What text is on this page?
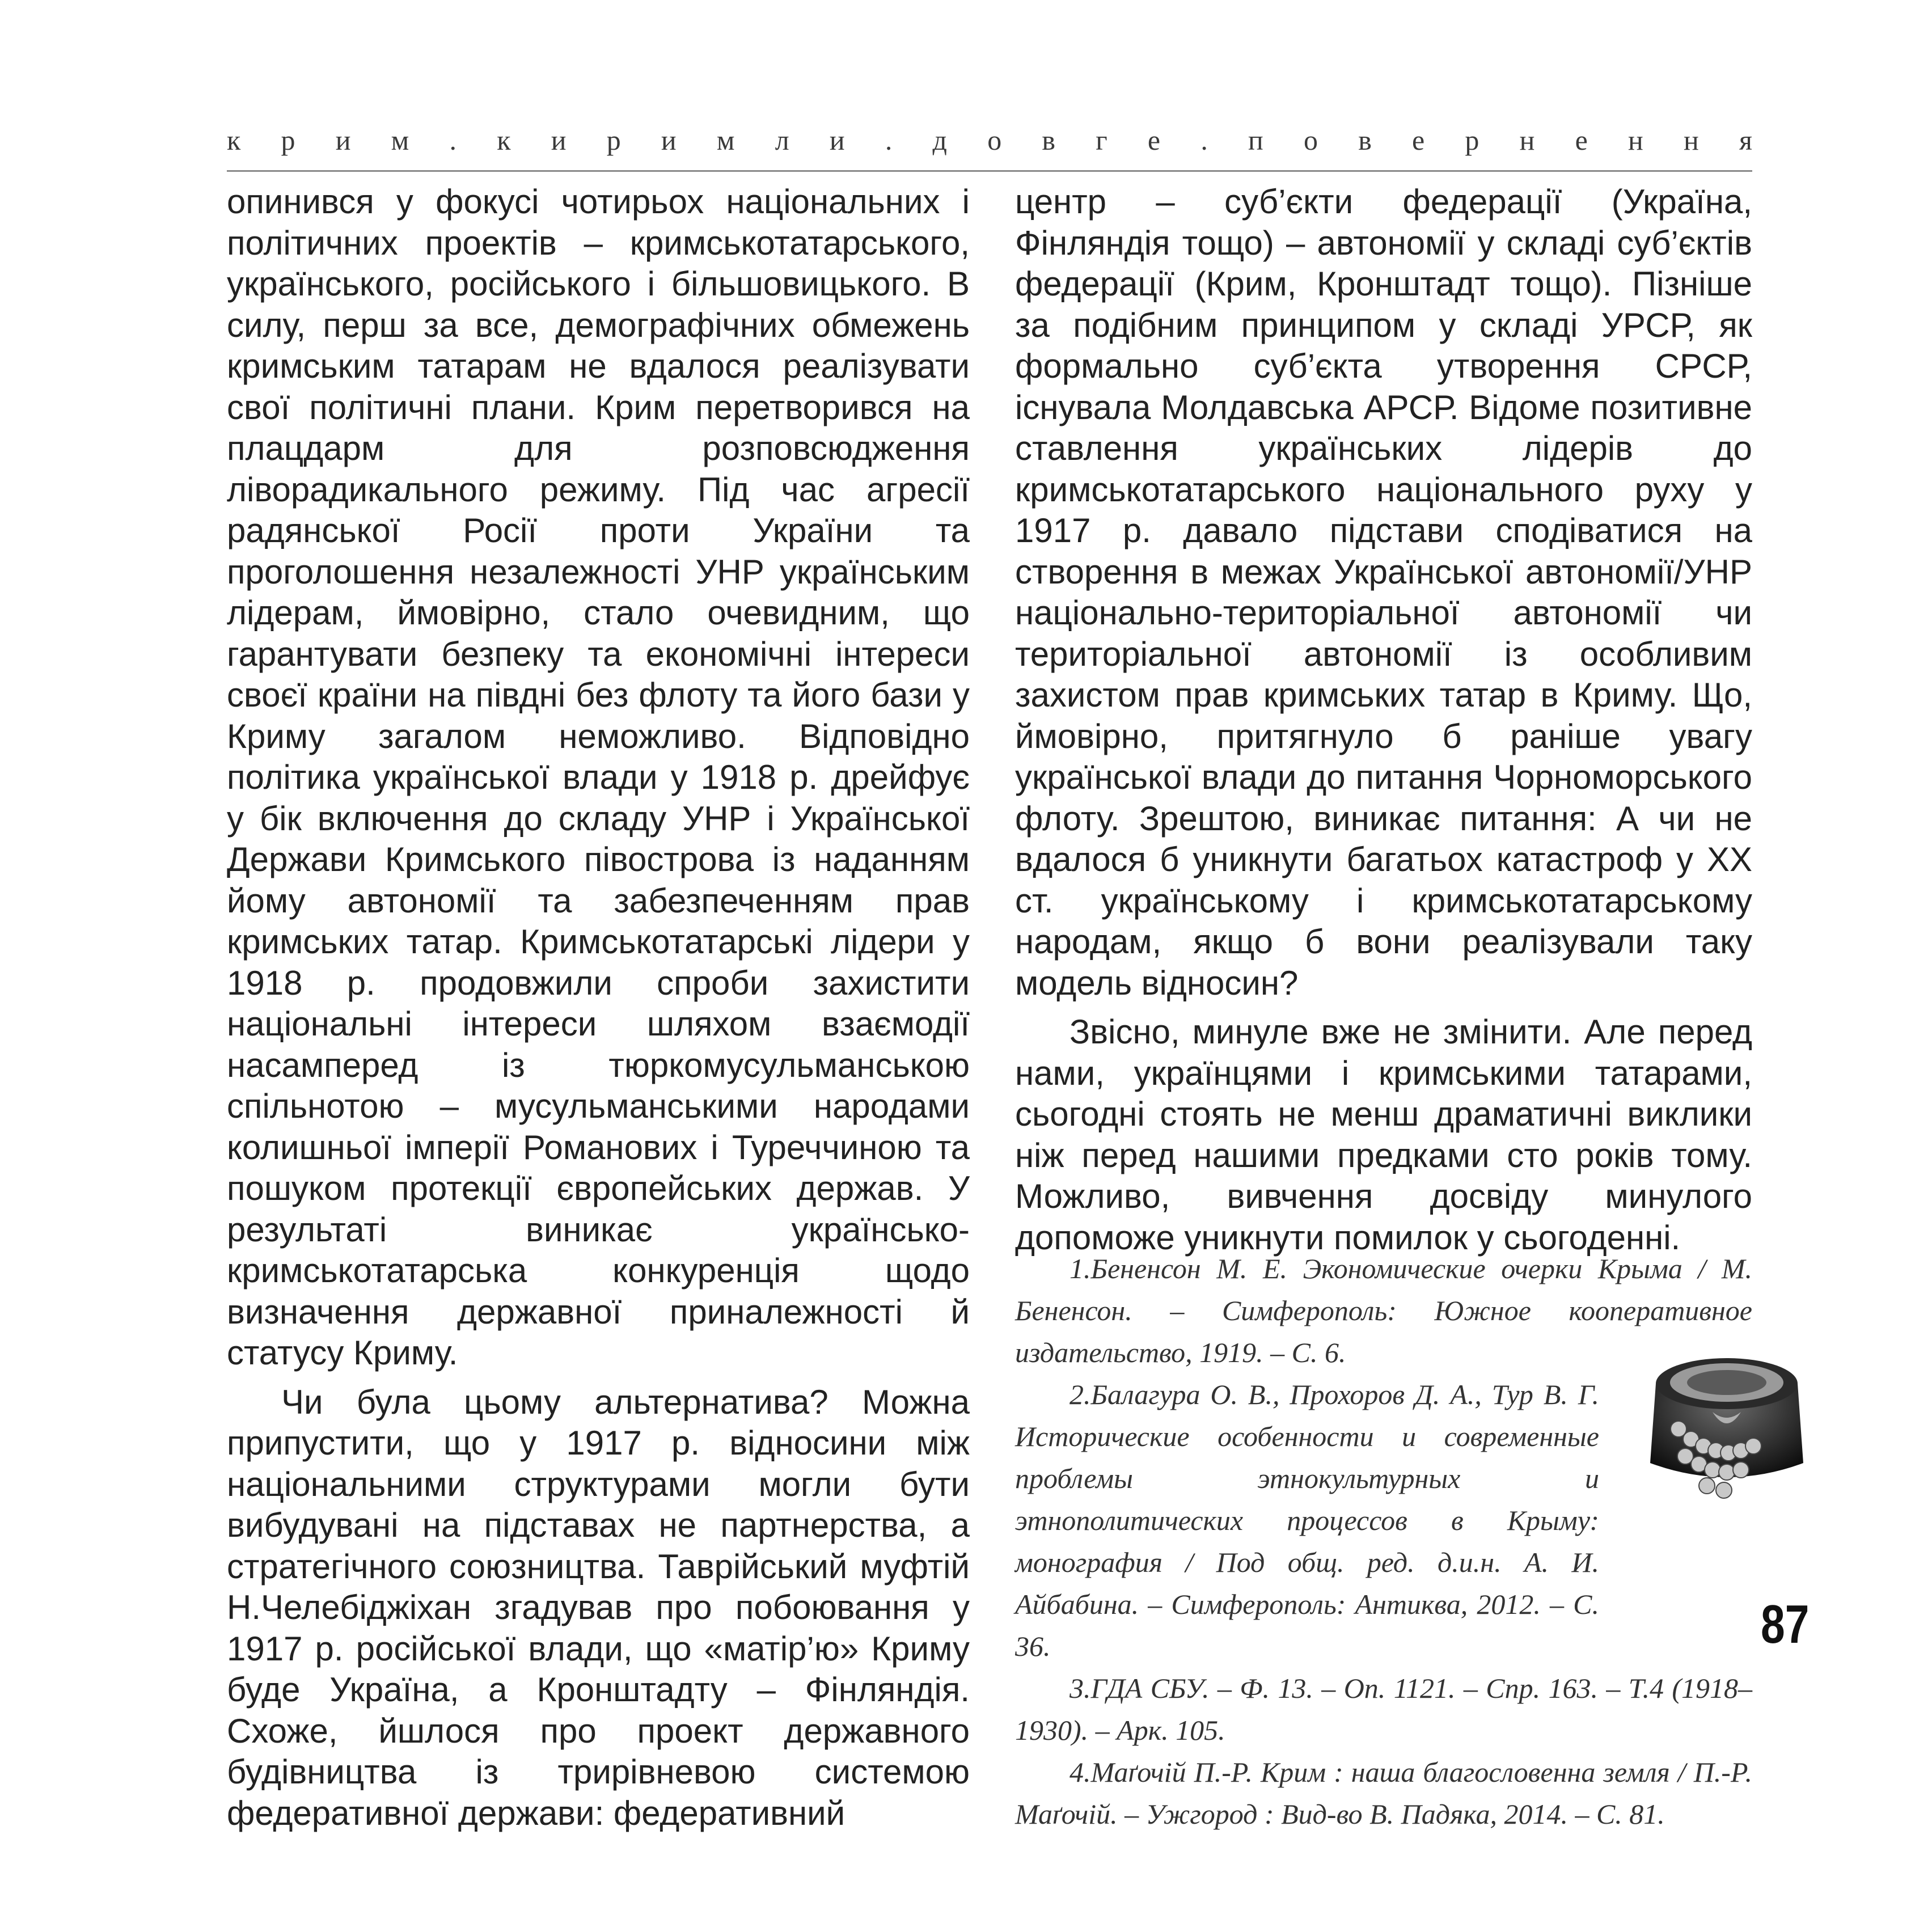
к р и м . к и р и м л и . д о в г е . п о в е р н е н н я

опинився у фокусі чотирьох національних і політичних проектів – кримськотатарського, українського, російського і більшовицького. В силу, перш за все, демографічних обмежень кримським татарам не вдалося реалізувати свої політичні плани. Крим перетворився на плацдарм для розповсюдження ліворадикального режиму. Під час агресії радянської Росії проти України та проголошення незалежності УНР українським лідерам, ймовірно, стало очевидним, що гарантувати безпеку та економічні інтереси своєї країни на півдні без флоту та його бази у Криму загалом неможливо. Відповідно політика української влади у 1918 р. дрейфує у бік включення до складу УНР і Української Держави Кримського півострова із наданням йому автономії та забезпеченням прав кримських татар. Кримськотатарські лідери у 1918 р. продовжили спроби захистити національні інтереси шляхом взаємодії насамперед із тюркомусульманською спільнотою – мусульманськими народами колишньої імперії Романових і Туреччиною та пошуком протекції європейських держав. У результаті виникає українсько-кримськотатарська конкуренція щодо визначення державної приналежності й статусу Криму.

Чи була цьому альтернатива? Можна припустити, що у 1917 р. відносини між національними структурами могли бути вибудувані на підставах не партнерства, а стратегічного союзництва. Таврійський муфтій Н.Челебіджіхан згадував про побоювання у 1917 р. російської влади, що «матір’ю» Криму буде Україна, а Кронштадту – Фінляндія. Схоже, йшлося про проект державного будівництва із трирівневою системою федеративної держави: федеративний

центр – суб’єкти федерації (Україна, Фінляндія тощо) – автономії у складі суб’єктів федерації (Крим, Кронштадт тощо). Пізніше за подібним принципом у складі УРСР, як формально суб’єкта утворення СРСР, існувала Молдавська АРСР. Відоме позитивне ставлення українських лідерів до кримськотатарського національного руху у 1917 р. давало підстави сподіватися на створення в межах Української автономії/УНР національно-територіальної автономії чи територіальної автономії із особливим захистом прав кримських татар в Криму. Що, ймовірно, притягнуло б раніше увагу української влади до питання Чорноморського флоту. Зрештою, виникає питання: А чи не вдалося б уникнути багатьох катастроф у XX ст. українському і кримськотатарському народам, якщо б вони реалізували таку модель відносин?

Звісно, минуле вже не змінити. Але перед нами, українцями і кримськими татарами, сьогодні стоять не менш драматичні виклики ніж перед нашими предками сто років тому. Можливо, вивчення досвіду минулого допоможе уникнути помилок у сьогоденні.

1.Бененсон М. Е. Экономические очерки Крыма / М. Бененсон. – Симферополь: Южное кооперативное издательство, 1919. – С. 6.

2.Балагура О. В., Прохоров Д. А., Тур В. Г. Исторические особенности и современные проблемы этнокультурных и этнополитических процессов в Крыму: монография / Под общ. ред. д.и.н. А. И. Айбабина. – Симферополь: Антиква, 2012. – С. 36.

3.ГДА СБУ. – Ф. 13. – Оп. 1121. – Спр. 163. – Т.4 (1918–1930). – Арк. 105.

4.Маґочій П.-Р. Крим : наша благословенна земля / П.-Р. Маґочій. – Ужгород : Вид-во В. Падяка, 2014. – С. 81.

87
